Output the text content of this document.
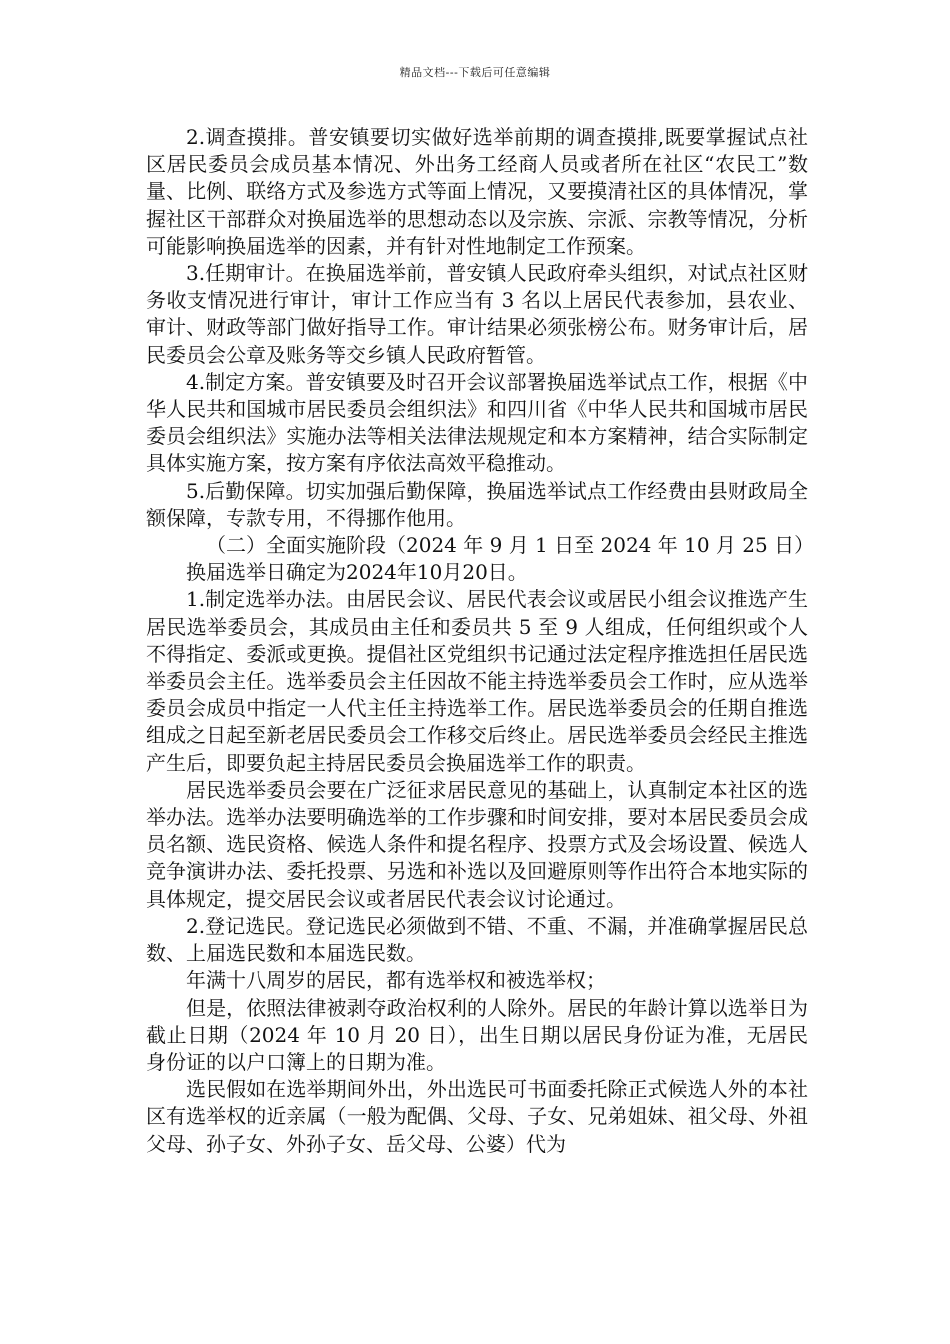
精品文档---下载后可任意编辑

2.调查摸排。普安镇要切实做好选举前期的调查摸排,既要掌握试点社区居民委员会成员基本情况、外出务工经商人员或者所在社区“农民工”数量、比例、联络方式及参选方式等面上情况，又要摸清社区的具体情况，掌握社区干部群众对换届选举的思想动态以及宗族、宗派、宗教等情况，分析可能影响换届选举的因素，并有针对性地制定工作预案。

3.任期审计。在换届选举前，普安镇人民政府牵头组织，对试点社区财务收支情况进行审计，审计工作应当有 3 名以上居民代表参加，县农业、审计、财政等部门做好指导工作。审计结果必须张榜公布。财务审计后，居民委员会公章及账务等交乡镇人民政府暂管。

4.制定方案。普安镇要及时召开会议部署换届选举试点工作，根据《中华人民共和国城市居民委员会组织法》和四川省《中华人民共和国城市居民委员会组织法》实施办法等相关法律法规规定和本方案精神，结合实际制定具体实施方案，按方案有序依法高效平稳推动。

5.后勤保障。切实加强后勤保障，换届选举试点工作经费由县财政局全额保障，专款专用，不得挪作他用。

（二）全面实施阶段（2024 年 9 月 1 日至 2024 年 10 月 25 日）

换届选举日确定为2024年10月20日。

1.制定选举办法。由居民会议、居民代表会议或居民小组会议推选产生居民选举委员会，其成员由主任和委员共 5 至 9 人组成，任何组织或个人不得指定、委派或更换。提倡社区党组织书记通过法定程序推选担任居民选举委员会主任。选举委员会主任因故不能主持选举委员会工作时，应从选举委员会成员中指定一人代主任主持选举工作。居民选举委员会的任期自推选组成之日起至新老居民委员会工作移交后终止。居民选举委员会经民主推选产生后，即要负起主持居民委员会换届选举工作的职责。

居民选举委员会要在广泛征求居民意见的基础上，认真制定本社区的选举办法。选举办法要明确选举的工作步骤和时间安排，要对本居民委员会成员名额、选民资格、候选人条件和提名程序、投票方式及会场设置、候选人竞争演讲办法、委托投票、另选和补选以及回避原则等作出符合本地实际的具体规定，提交居民会议或者居民代表会议讨论通过。

2.登记选民。登记选民必须做到不错、不重、不漏，并准确掌握居民总数、上届选民数和本届选民数。

年满十八周岁的居民，都有选举权和被选举权；

但是，依照法律被剥夺政治权利的人除外。居民的年龄计算以选举日为截止日期（2024 年 10 月 20 日），出生日期以居民身份证为准，无居民身份证的以户口簿上的日期为准。

选民假如在选举期间外出，外出选民可书面委托除正式候选人外的本社区有选举权的近亲属（一般为配偶、父母、子女、兄弟姐妹、祖父母、外祖父母、孙子女、外孙子女、岳父母、公婆）代为
